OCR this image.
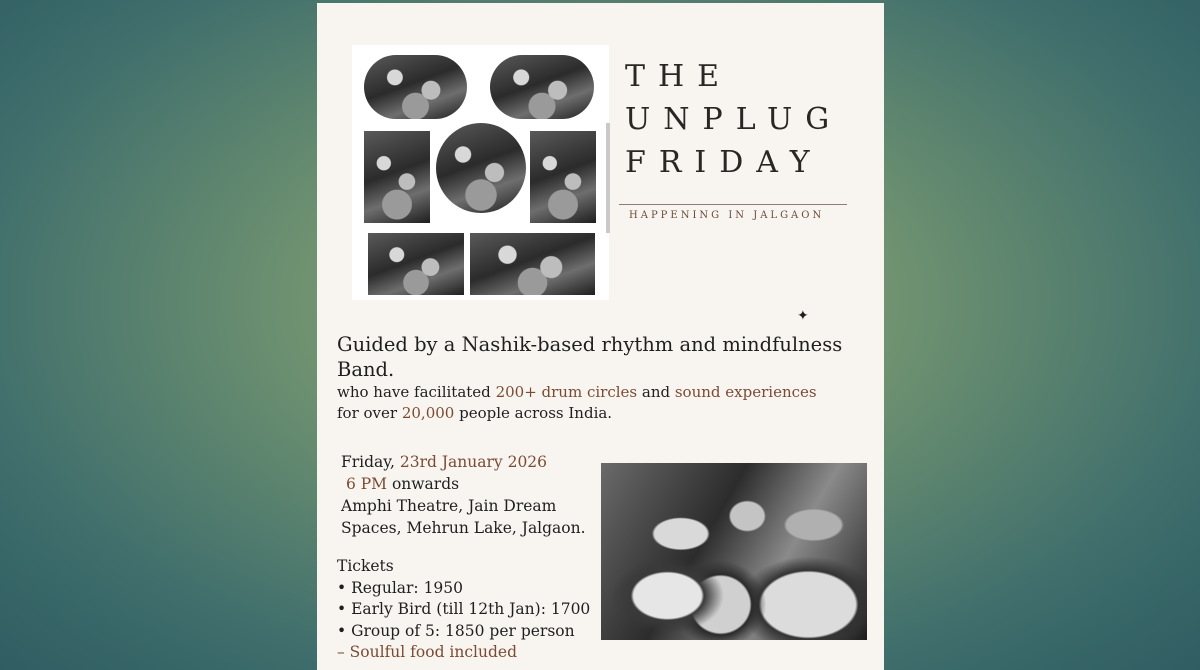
THE
UNPLUG
FRIDAY
HAPPENING IN JALGAON
✦
Guided by a Nashik-based rhythm and mindfulness Band.
who have facilitated 200+ drum circles and sound experiences
for over 20,000 people across India.
Friday, 23rd January 2026
6 PM onwards
Amphi Theatre, Jain Dream
Spaces, Mehrun Lake, Jalgaon.
Tickets
• Regular: 1950
• Early Bird (till 12th Jan): 1700
• Group of 5: 1850 per person
– Soulful food included
